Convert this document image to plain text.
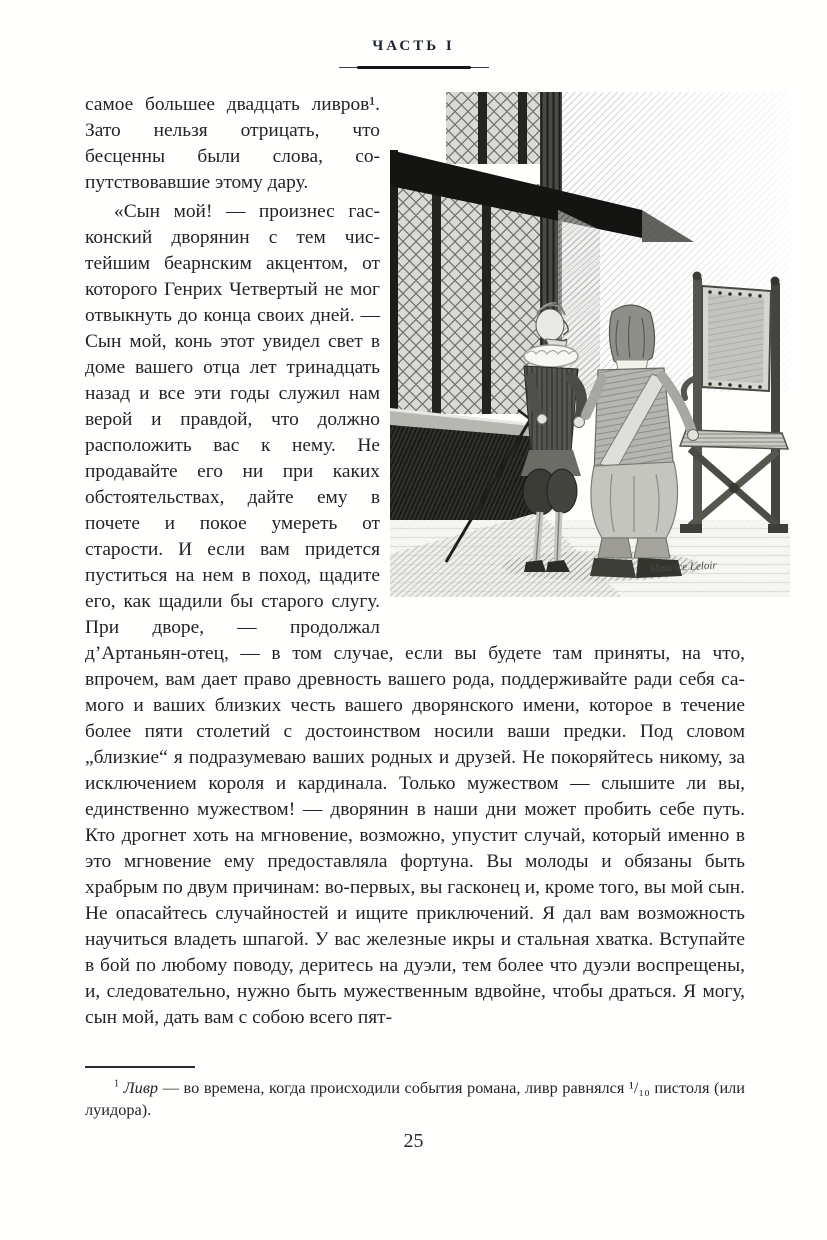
ЧАСТЬ I
Maurice Leloir

самое большее двадцать ливров¹. Зато нельзя отрицать, что бесценны были слова, сопутствовавшие этому дару.

«Сын мой! — произнес гасконский дворянин с тем чистейшим беарнским акцентом, от которого Генрих Четвертый не мог отвыкнуть до конца своих дней. — Сын мой, конь этот увидел свет в доме вашего отца лет тринадцать назад и все эти годы служил нам верой и правдой, что должно расположить вас к нему. Не продавайте его ни при каких обстоятельствах, дайте ему в почете и покое умереть от старости. И если вам придется пуститься на нем в поход, щадите его, как щадили бы старого слугу. При дворе, — продолжал д’Артаньян-отец, — в том случае, если вы будете там приняты, на что, впрочем, вам дает право древность вашего рода, поддерживайте ради себя самого и ваших близких честь вашего дворянского имени, которое в течение более пяти столетий с достоинством носили ваши предки. Под словом „близкие“ я подразумеваю ваших родных и друзей. Не покоряйтесь никому, за исключением короля и кардинала. Только мужеством — слышите ли вы, единственно мужеством! — дворянин в наши дни может пробить себе путь. Кто дрогнет хоть на мгновение, возможно, упустит случай, который именно в это мгновение ему предоставляла фортуна. Вы молоды и обязаны быть храбрым по двум причинам: во-первых, вы гасконец и, кроме того, вы мой сын. Не опасайтесь случайностей и ищите приключений. Я дал вам возможность научиться владеть шпагой. У вас железные икры и стальная хватка. Вступайте в бой по любому поводу, деритесь на дуэли, тем более что дуэли воспрещены, и, следовательно, нужно быть мужественным вдвойне, чтобы драться. Я могу, сын мой, дать вам с собою всего пят-

$^1$ Ливр — во времена, когда происходили события романа, ливр равнялся ¹/₁₀ пистоля (или луидора).

25
